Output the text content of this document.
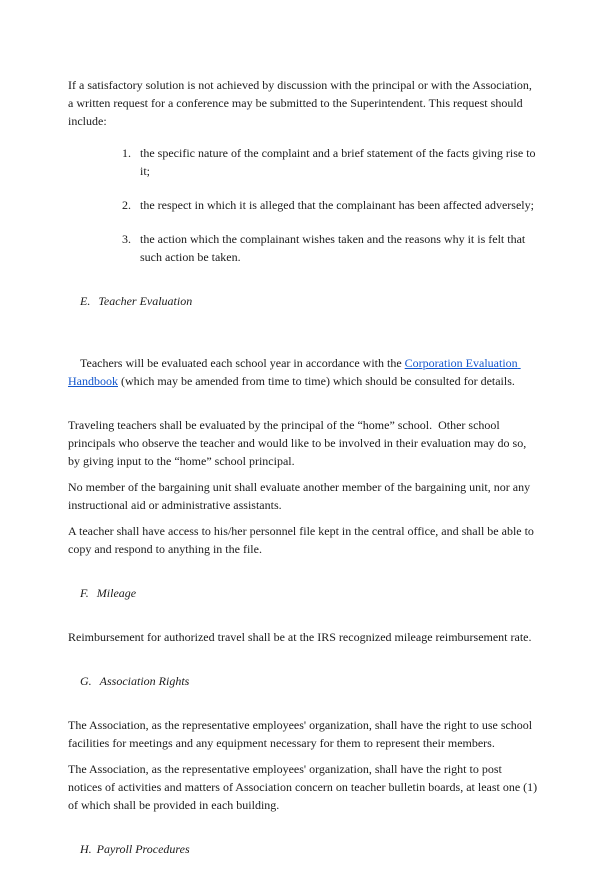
If a satisfactory solution is not achieved by discussion with the principal or with the Association, a written request for a conference may be submitted to the Superintendent. This request should include:

1. the specific nature of the complaint and a brief statement of the facts giving rise to it;
2. the respect in which it is alleged that the complainant has been affected adversely;
3. the action which the complainant wishes taken and the reasons why it is felt that such action be taken.

E. Teacher Evaluation

Teachers will be evaluated each school year in accordance with the Corporation Evaluation Handbook (which may be amended from time to time) which should be consulted for details.

Traveling teachers shall be evaluated by the principal of the “home” school.  Other school principals who observe the teacher and would like to be involved in their evaluation may do so, by giving input to the “home” school principal.

No member of the bargaining unit shall evaluate another member of the bargaining unit, nor any instructional aid or administrative assistants.

A teacher shall have access to his/her personnel file kept in the central office, and shall be able to copy and respond to anything in the file.

F. Mileage

Reimbursement for authorized travel shall be at the IRS recognized mileage reimbursement rate.

G. Association Rights

The Association, as the representative employees' organization, shall have the right to use school facilities for meetings and any equipment necessary for them to represent their members.

The Association, as the representative employees' organization, shall have the right to post notices of activities and matters of Association concern on teacher bulletin boards, at least one (1) of which shall be provided in each building.

H. Payroll Procedures
